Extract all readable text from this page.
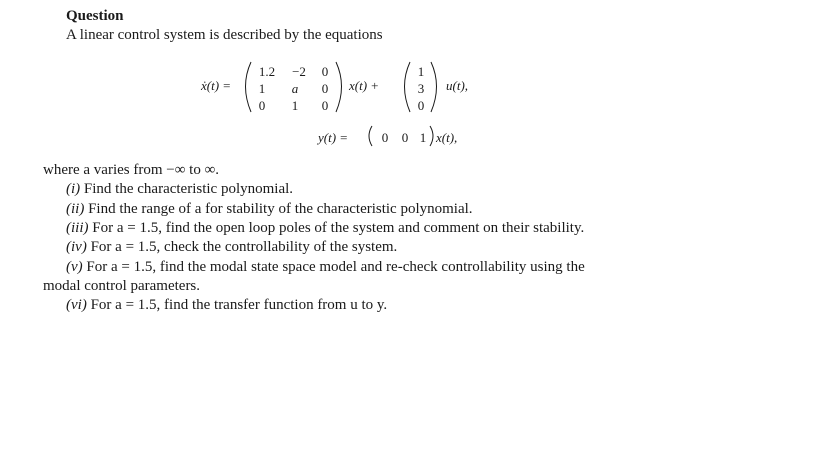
Question
A linear control system is described by the equations
ẋ(t) =
1.2 −2 0
1 a 0
0 1 0
x(t) +
1
3
0
u(t),
y(t) =	0 0 1 x(t),
where a varies from −∞ to ∞.
(i) Find the characteristic polynomial.
(ii) Find the range of a for stability of the characteristic polynomial.
(iii) For a = 1.5, find the open loop poles of the system and comment on their stability.
(iv) For a = 1.5, check the controllability of the system.
(v) For a = 1.5, find the modal state space model and re-check controllability using the
modal control parameters.
(vi) For a = 1.5, find the transfer function from u to y.
